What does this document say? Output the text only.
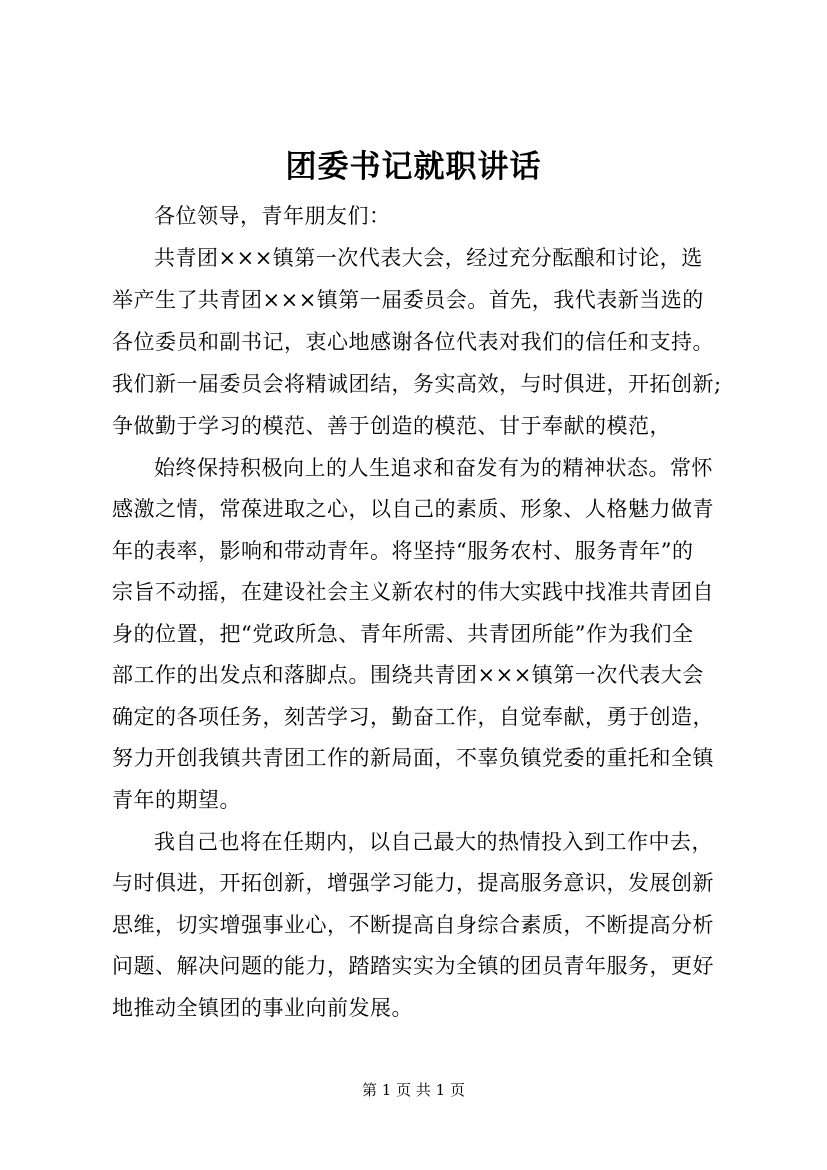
团委书记就职讲话
各位领导，青年朋友们：
共青团×××镇第一次代表大会，经过充分酝酿和讨论，选
举产生了共青团×××镇第一届委员会。首先，我代表新当选的
各位委员和副书记，衷心地感谢各位代表对我们的信任和支持。
我们新一届委员会将精诚团结，务实高效，与时俱进，开拓创新;
争做勤于学习的模范、善于创造的模范、甘于奉献的模范，
始终保持积极向上的人生追求和奋发有为的精神状态。常怀
感激之情，常葆进取之心，以自己的素质、形象、人格魅力做青
年的表率，影响和带动青年。将坚持“服务农村、服务青年”的
宗旨不动摇，在建设社会主义新农村的伟大实践中找准共青团自
身的位置，把“党政所急、青年所需、共青团所能”作为我们全
部工作的出发点和落脚点。围绕共青团×××镇第一次代表大会
确定的各项任务，刻苦学习，勤奋工作，自觉奉献，勇于创造，
努力开创我镇共青团工作的新局面，不辜负镇党委的重托和全镇
青年的期望。
我自己也将在任期内，以自己最大的热情投入到工作中去，
与时俱进，开拓创新，增强学习能力，提高服务意识，发展创新
思维，切实增强事业心，不断提高自身综合素质，不断提高分析
问题、解决问题的能力，踏踏实实为全镇的团员青年服务，更好
地推动全镇团的事业向前发展。
第 1 页 共 1 页
